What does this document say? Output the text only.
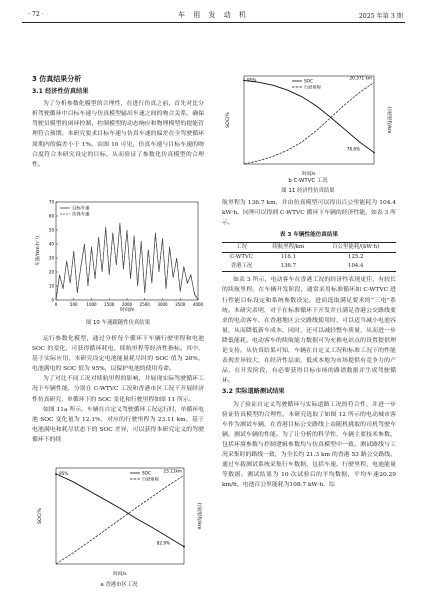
· 72 ·	车 用 发 动 机	2025 年第 3 期
3 仿真结果分析
3.1 经济性仿真结果

为了分析参数化模型的合理性，在进行仿真之前，首先对比分析驾驶循环中目标车速与仿真模型输出车速之间的吻合关系，确保驾驶员模型的闭环控制、控制模型的动态响应和物理模型的提能管理符合预期。本研究要求目标车速与仿真车速的偏差在全驾驶循环周期内的偏差小于 1%。由图 10 可见，仿真车速与目标车速的吻合度符合本研究设定的目标，从而验证了参数化仿真模型的合理性。

0	500 1000 1500 2000 2500 3000 3500 4000
0
10
20
30
40
50
60
70
时间/s
车速/(km·h⁻¹)
目标车速
仿真车速
图 10 车速跟随性仿真结果

运行参数化模型，通过分析每个循环下车辆行驶里程和电池 SOC 的变化，可获得循环耗电、续航里程等经济性指标。其中，基于实际应用，本研究设定电池能量耗尽时的 SOC 值为 20%，电池满电的 SOC 值为 95%，以保护电池的使用寿命。

为了对比不同工况对续航里程的影响，并展现实际驾驶循环工况下车辆性能，分别在 C-WTVC 工况和香港市区工况下开展经济性仿真研究，单循环下的 SOC 变化和行驶里程如图 11 所示。

如图 11a 所示，车辆在自定义驾驶循环工况运行时，单循环电池 SOC 变化量为 12.1%，对应的行驶里程为 23.11 km，基于电池满电和耗尽状态下的 SOC 差异，可以获得本研究定义的驾驶循环下的续

时间/s
SOC/%	行驶里程/km
SOC
行驶里程
95%
23.11km
82.9%
a 香港市区工况
时间/s
SOC/%	行驶里程/km
SOC
行驶里程
95%	20.371 km
78.6%
b C-WTVC 工况
图 11 经济性仿真结果

航里程为 136.7 km，并由仿真模型可以得出百公里能耗为 104.4 kW·h。同理可以得到 C-WTVC 循环下车辆的经济性能，如表 3 所示。

表 3 车辆性能仿真结果
工况	续航里程/km	百公里能耗/(kW·h)
C-WTVC	116.1	125.2
香港工况	136.7	104.4

如表 3 所示，电动客车在香港工况的经济性表现更佳，有较长的续航里程。在车辆开发阶段，通常采用标准循环如 C-WTVC 进行性能目标设定和系统参数设定，进而选取满足要求的“三电”系统。本研究表明，对于在标准循环下开发并且满足香港公交路线要求的电动客车，在香港地区公交路线使用时，可以适当减小电池容量，从而降低新车成本，同时，还可以减轻整车质量，从而进一步降低能耗。电动客车的续航能力数据可为充换电站点的设置提供理论支持。从仿真结果可知，车辆在自定义工况和标准工况下的性能表现差异较大，在经济性层面，低成本地为市场提供有竞争力的产品，在开发阶段，有必要获得目标市场的路谱数据并生成驾驶循环。

3.2 实际道路测试结果

为了验证自定义驾驶循环与实际道路工况的符合性，并进一步验证仿真模型的合理性，本研究选取了如图 12 所示的电动城市客车作为测试车辆，在香港目标公交路线上由随机挑取的司机驾驶车辆，测试车辆的性能。为了让分析的科学性，车辆主要技术参数、包括环境参数与控制逻辑参数均与仿真模型中一致。测试路线与工况采集时的路线一致，为全长约 21.3 km 的香港 53 路公交路线。通过车载测试系统采集行车数据，包括车速、行驶里程、电池能量等数据。测试结果为 10 次试验后的平均数据，平均车速20.29 km/h，电池百公里能耗为108.7 kW·h，综
